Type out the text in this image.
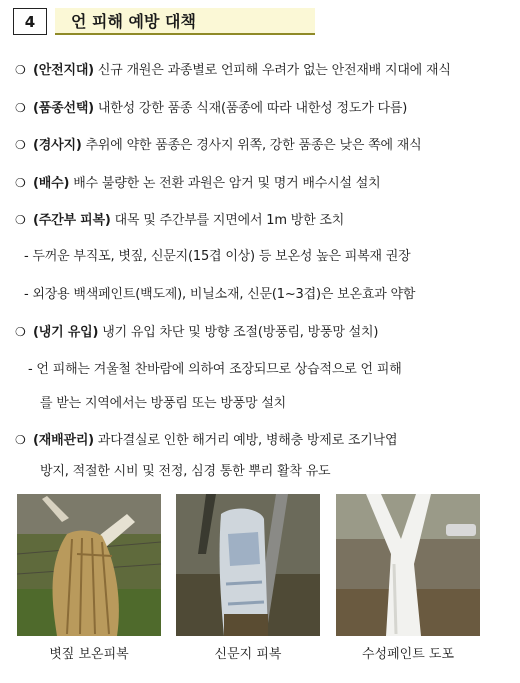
4	언 피해 예방 대책
❍ (안전지대) 신규 개원은 과종별로 언피해 우려가 없는 안전재배 지대에 재식
❍ (품종선택) 내한성 강한 품종 식재(품종에 따라 내한성 정도가 다름)
❍ (경사지) 추위에 약한 품종은 경사지 위쪽, 강한 품종은 낮은 쪽에 재식
❍ (배수) 배수 불량한 논 전환 과원은 암거 및 명거 배수시설 설치
❍ (주간부 피복) 대목 및 주간부를 지면에서 1m 방한 조치
- 두꺼운 부직포, 볏짚, 신문지(15겹 이상) 등 보온성 높은 피복재 권장
- 외장용 백색페인트(백도제), 비닐소재, 신문(1~3겹)은 보온효과 약함
❍ (냉기 유입) 냉기 유입 차단 및 방향 조절(방풍림, 방풍망 설치)
- 언 피해는 겨울철 찬바람에 의하여 조장되므로 상습적으로 언 피해
를 받는 지역에서는 방풍림 또는 방풍망 설치
❍ (재배관리) 과다결실로 인한 해거리 예방, 병해충 방제로 조기낙엽
방지, 적절한 시비 및 전정, 심경 통한 뿌리 활착 유도
볏짚 보온피복	신문지 피복	수성페인트 도포
